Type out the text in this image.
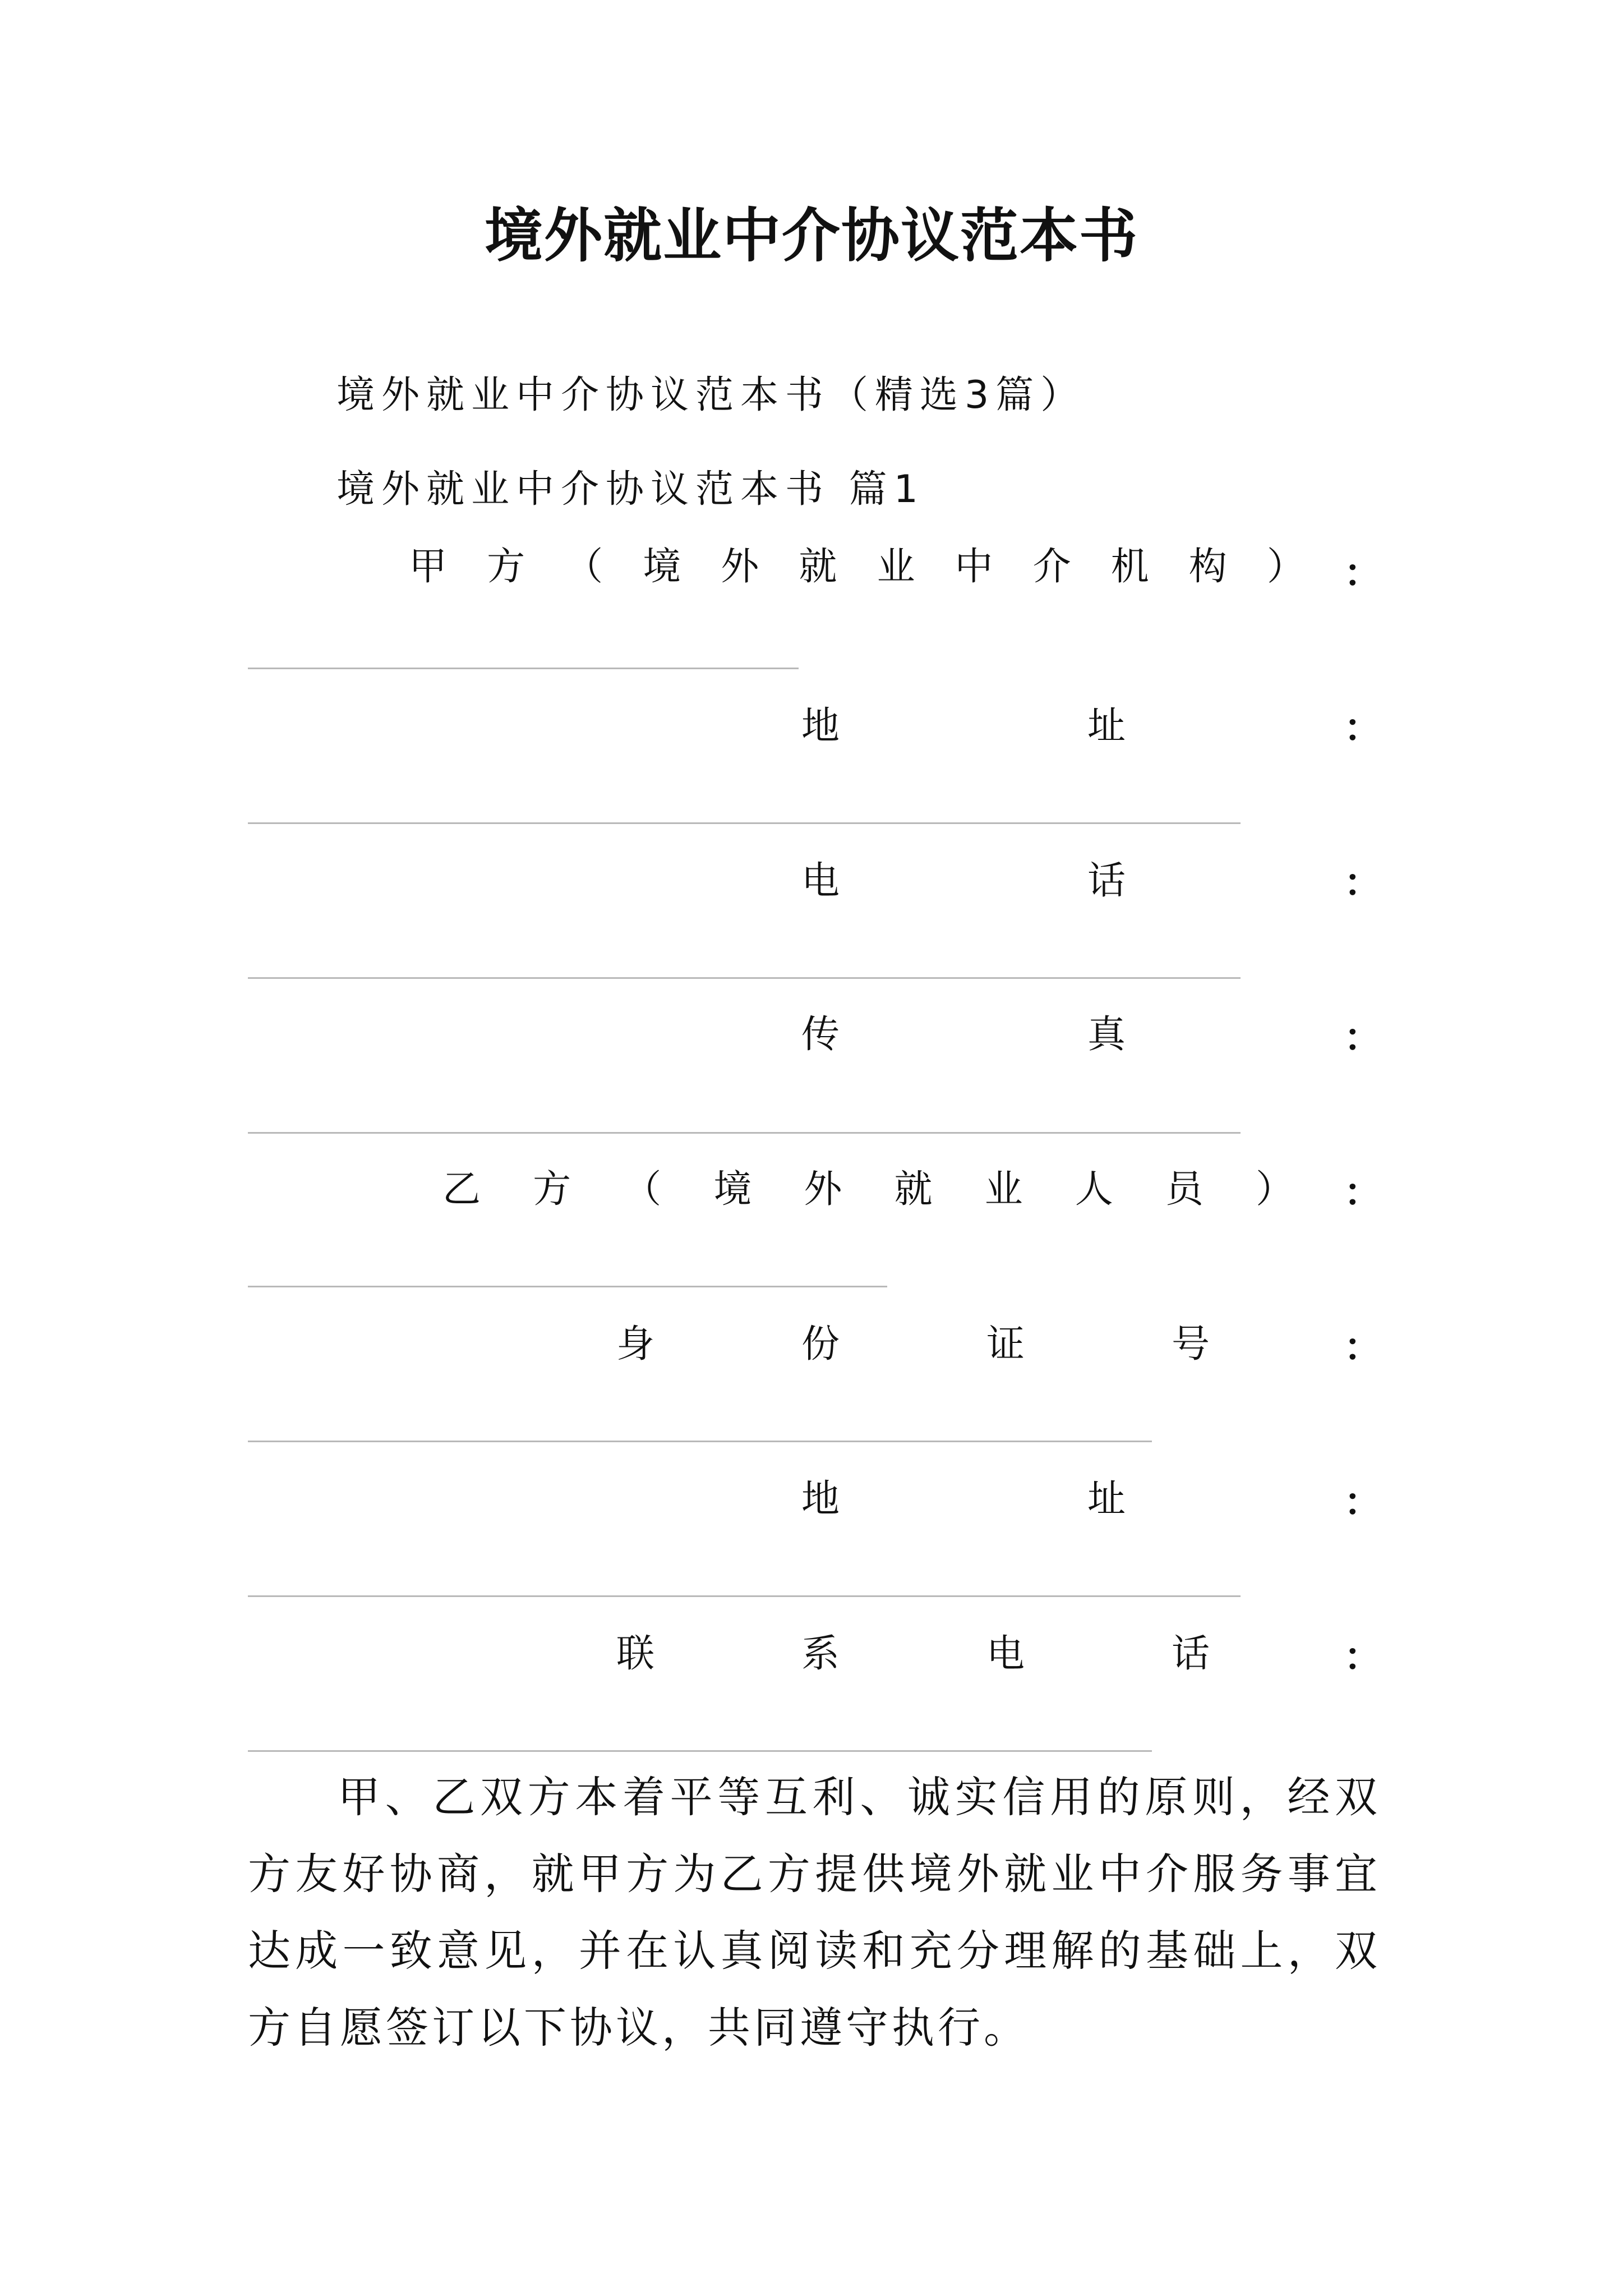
境外就业中介协议范本书
境外就业中介协议范本书（精选3篇）
境外就业中介协议范本书 篇1
甲 方 （ 境 外 就 业 中 介 机 构 ） ：
地	址	：
电	话	：
传	真	：
乙 方 （ 境 外 就 业 人 员 ） ：
身	份	证	号	：
地	址	：
联	系	电	话	：
甲、乙双方本着平等互利、诚实信用的原则，经双方友好协商，就甲方为乙方提供境外就业中介服务事宜达成一致意见，并在认真阅读和充分理解的基础上，双方自愿签订以下协议，共同遵守执行。
